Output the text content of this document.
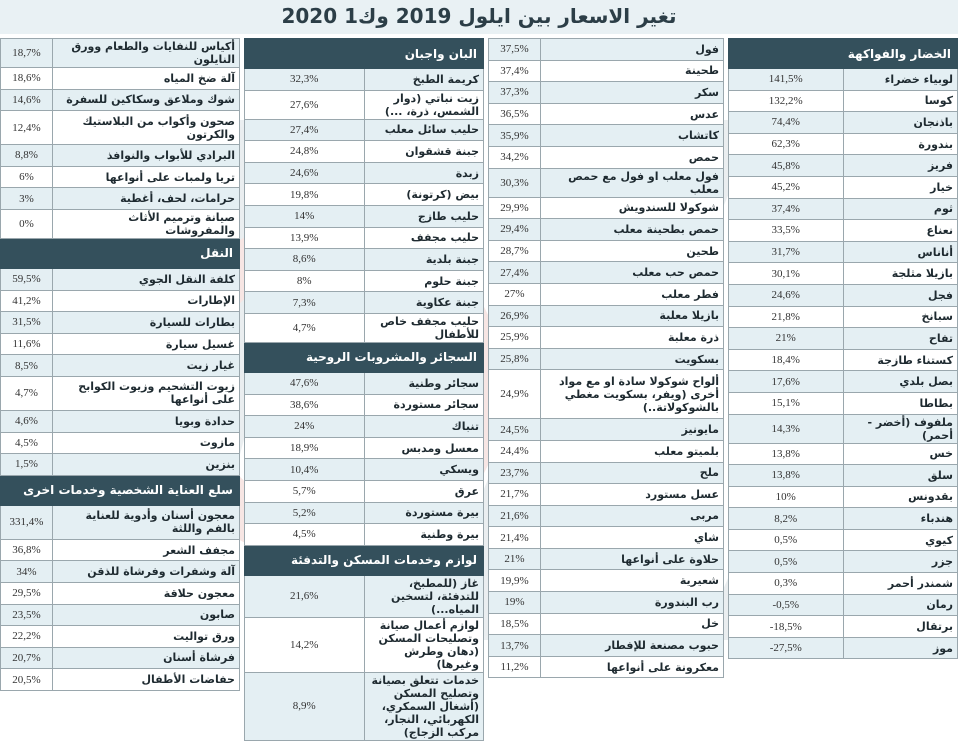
تغير الاسعار بين ايلول 2019 وك1 2020
الخضار والفواكهة	
لوبياء خضراء	141,5%
كوسا	132,2%
باذنجان	74,4%
بندورة	62,3%
فريز	45,8%
خيار	45,2%
ثوم	37,4%
نعناع	33,5%
أناناس	31,7%
بازيلا مثلجة	30,1%
فجل	24,6%
سبانخ	21,8%
تفاح	21%
كستناء طازجة	18,4%
بصل بلدي	17,6%
بطاطا	15,1%
ملفوف (أخضر - أحمر)	14,3%
خس	13,8%
سلق	13,8%
بقدونس	10%
هندباء	8,2%
كيوي	0,5%
جزر	0,5%
شمندر أحمر	0,3%
رمان	-0,5%
برتقال	-18,5%
موز	-27,5%
فول	37,5%
طحينة	37,4%
سكر	37,3%
عدس	36,5%
كاتشاب	35,9%
حمص	34,2%
فول معلب او فول مع حمص معلب	30,3%
شوكولا للسندويش	29,9%
حمص بطحينة معلب	29,4%
طحين	28,7%
حمص حب معلب	27,4%
فطر معلب	27%
بازيلا معلبة	26,9%
ذرة معلبة	25,9%
بسكويت	25,8%
ألواح شوكولا سادة او مع مواد أخرى (ويفر، بسكويت مغطي بالشوكولاتة..)	24,9%
مايونيز	24,5%
بلميتو معلب	24,4%
ملح	23,7%
عسل مستورد	21,7%
مربى	21,6%
شاي	21,4%
حلاوة على أنواعها	21%
شعيرية	19,9%
رب البندورة	19%
خل	18,5%
حبوب مصنعة للإفطار	13,7%
معكرونة على أنواعها	11,2%
البان واجبان	
كريمة الطبخ	32,3%
زيت نباتي (دوار الشمس، ذرة، ...)	27,6%
حليب سائل معلب	27,4%
جبنة قشقوان	24,8%
زبدة	24,6%
بيض (كرتونة)	19,8%
حليب طازج	14%
حليب مجفف	13,9%
جبنة بلدية	8,6%
جبنة حلوم	8%
جبنة عكاوية	7,3%
حليب مجفف خاص للأطفال	4,7%
السجائر والمشروبات الروحية	
سجائر وطنية	47,6%
سجائر مستوردة	38,6%
تنباك	24%
معسل ومدبس	18,9%
ويسكي	10,4%
عرق	5,7%
بيرة مستوردة	5,2%
بيرة وطنية	4,5%
لوازم وخدمات المسكن والتدفئة	
غاز (للمطبخ، للتدفئة، لتسخين المياه...)	21,6%
لوازم أعمال صيانة وتصليحات المسكن (دهان وطرش وغيرها)	14,2%
خدمات تتعلق بصيانة وتصليح المسكن (أشغال السمكري، الكهربائي، النجار، مركب الزجاج)	8,9%
أكياس للنفايات والطعام وورق النايلون	18,7%
آلة ضخ المياه	18,6%
شوك وملاعق وسكاكين للسفرة	14,6%
صحون وأكواب من البلاستيك والكرتون	12,4%
البرادي للأبواب والنوافذ	8,8%
تريا ولمبات على أنواعها	6%
حرامات، لحف، أغطية	3%
صيانة وترميم الأثاث والمفروشات	0%
النقل	
كلفة النقل الجوي	59,5%
الإطارات	41,2%
بطارات للسيارة	31,5%
غسيل سيارة	11,6%
غيار زيت	8,5%
زيوت التشحيم وزيوت الكوابح على أنواعها	4,7%
حدادة وبويا	4,6%
مازوت	4,5%
بنزين	1,5%
سلع العناية الشخصية وخدمات اخرى	
معجون أسنان وأدوية للعناية بالفم واللثة	331,4%
مجفف الشعر	36,8%
آلة وشفرات وفرشاة للذقن	34%
معجون حلاقة	29,5%
صابون	23,5%
ورق تواليت	22,2%
فرشاة أسنان	20,7%
حفاضات الأطفال	20,5%
